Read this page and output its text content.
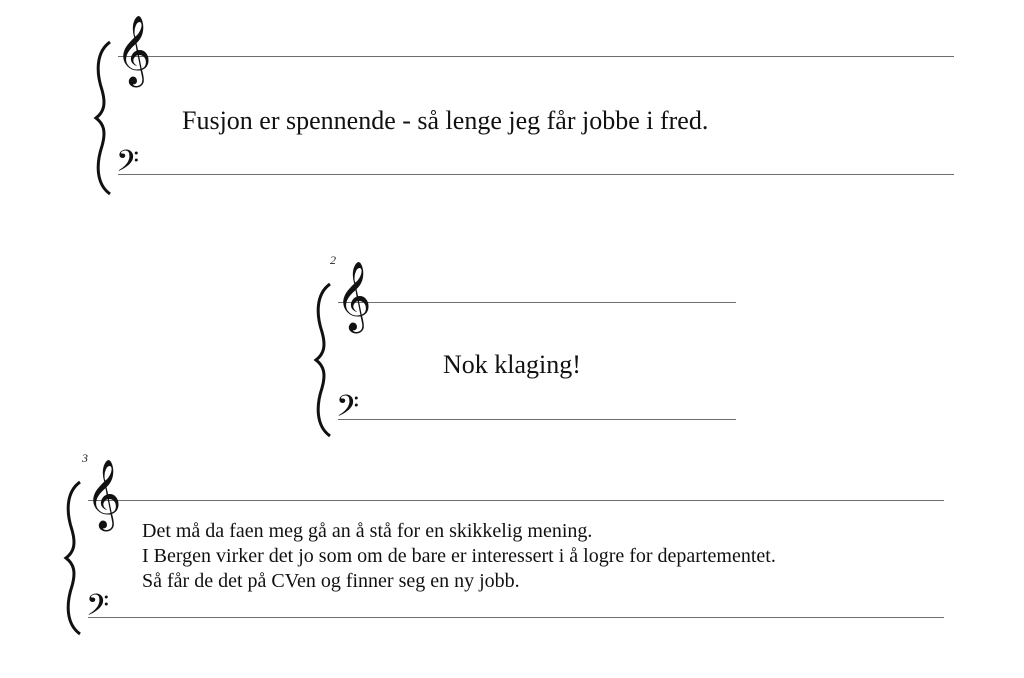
𝄞
𝄢
Fusjon er spennende - så lenge jeg får jobbe i fred.
2
𝄞
𝄢
Nok klaging!
3
𝄞
𝄢
Det må da faen meg gå an å stå for en skikkelig mening.
I Bergen virker det jo som om de bare er interessert i å logre for departementet.
Så får de det på CVen og finner seg en ny jobb.
